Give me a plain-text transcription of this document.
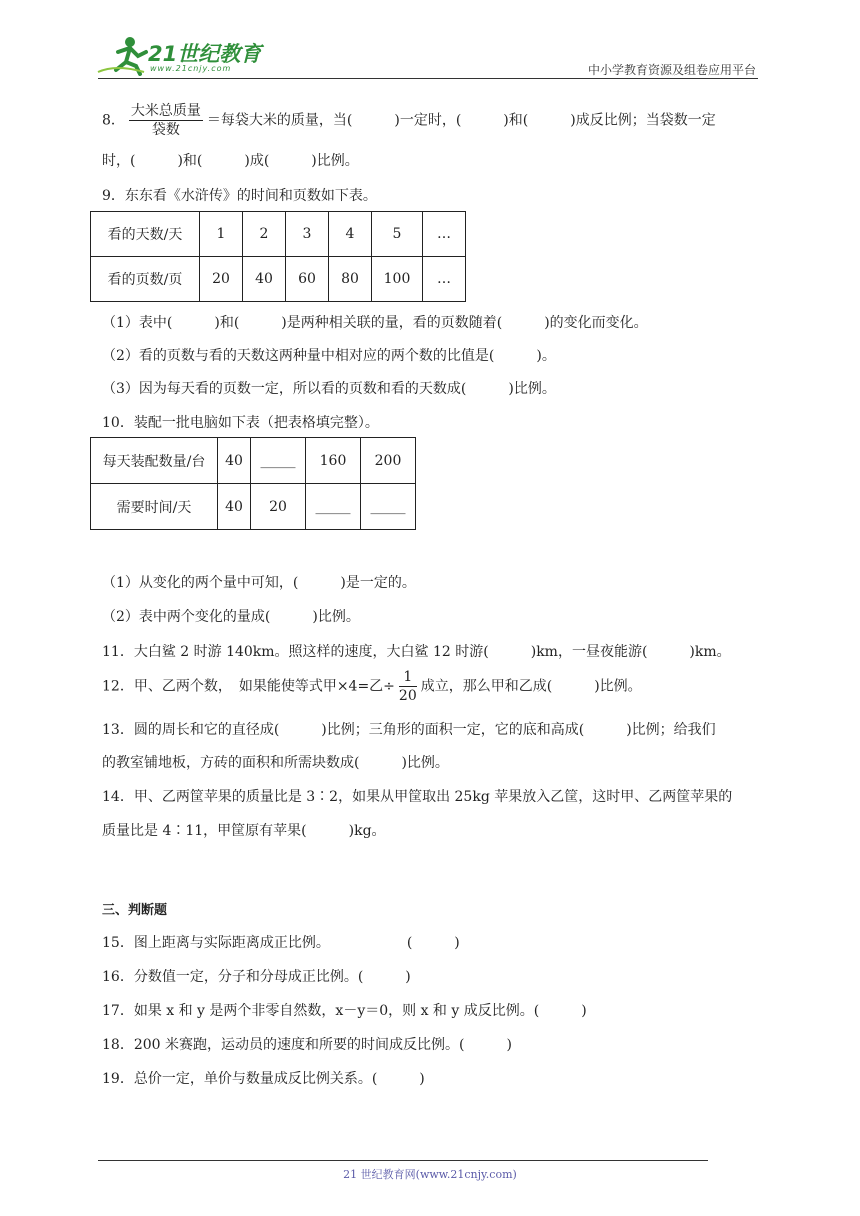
21世纪教育
www.21cnjy.com	中小学教育资源及组卷应用平台
8． $\frac{\text{大米总质量}}{\text{袋数}}$ ＝每袋大米的质量，当(　　　)一定时，(　　　)和(　　　)成反比例；当袋数一定
时，(　　　)和(　　　)成(　　　)比例。
9．东东看《水浒传》的时间和页数如下表。
看的天数/天	1	2	3	4	5	…
看的页数/页	20	40	60	80	100	…
（1）表中(　　　)和(　　　)是两种相关联的量，看的页数随着(　　　)的变化而变化。
（2）看的页数与看的天数这两种量中相对应的两个数的比值是(　　　)。
（3）因为每天看的页数一定，所以看的页数和看的天数成(　　　)比例。
10．装配一批电脑如下表（把表格填完整）。
每天装配数量/台	40	_____	160	200
需要时间/天	40	20	_____	_____
（1）从变化的两个量中可知，(　　　)是一定的。
（2）表中两个变化的量成(　　　)比例。
11．大白鲨 2 时游 140km。照这样的速度，大白鲨 12 时游(　　　)km，一昼夜能游(　　　)km。
12．甲、乙两个数，　如果能使等式甲×4=乙÷ $\frac{1}{20}$ 成立，那么甲和乙成(　　　)比例。
13．圆的周长和它的直径成(　　　)比例；三角形的面积一定，它的底和高成(　　　)比例；给我们
的教室铺地板，方砖的面积和所需块数成(　　　)比例。
14．甲、乙两筐苹果的质量比是 3∶2，如果从甲筐取出 25kg 苹果放入乙筐，这时甲、乙两筐苹果的
质量比是 4∶11，甲筐原有苹果(　　　)kg。
三、判断题
15．图上距离与实际距离成正比例。　　　　　　(　　　)
16．分数值一定，分子和分母成正比例。(　　　)
17．如果 x 和 y 是两个非零自然数，x－y＝0，则 x 和 y 成反比例。(　　　)
18．200 米赛跑，运动员的速度和所要的时间成反比例。(　　　)
19．总价一定，单价与数量成反比例关系。(　　　)
21 世纪教育网(www.21cnjy.com)
